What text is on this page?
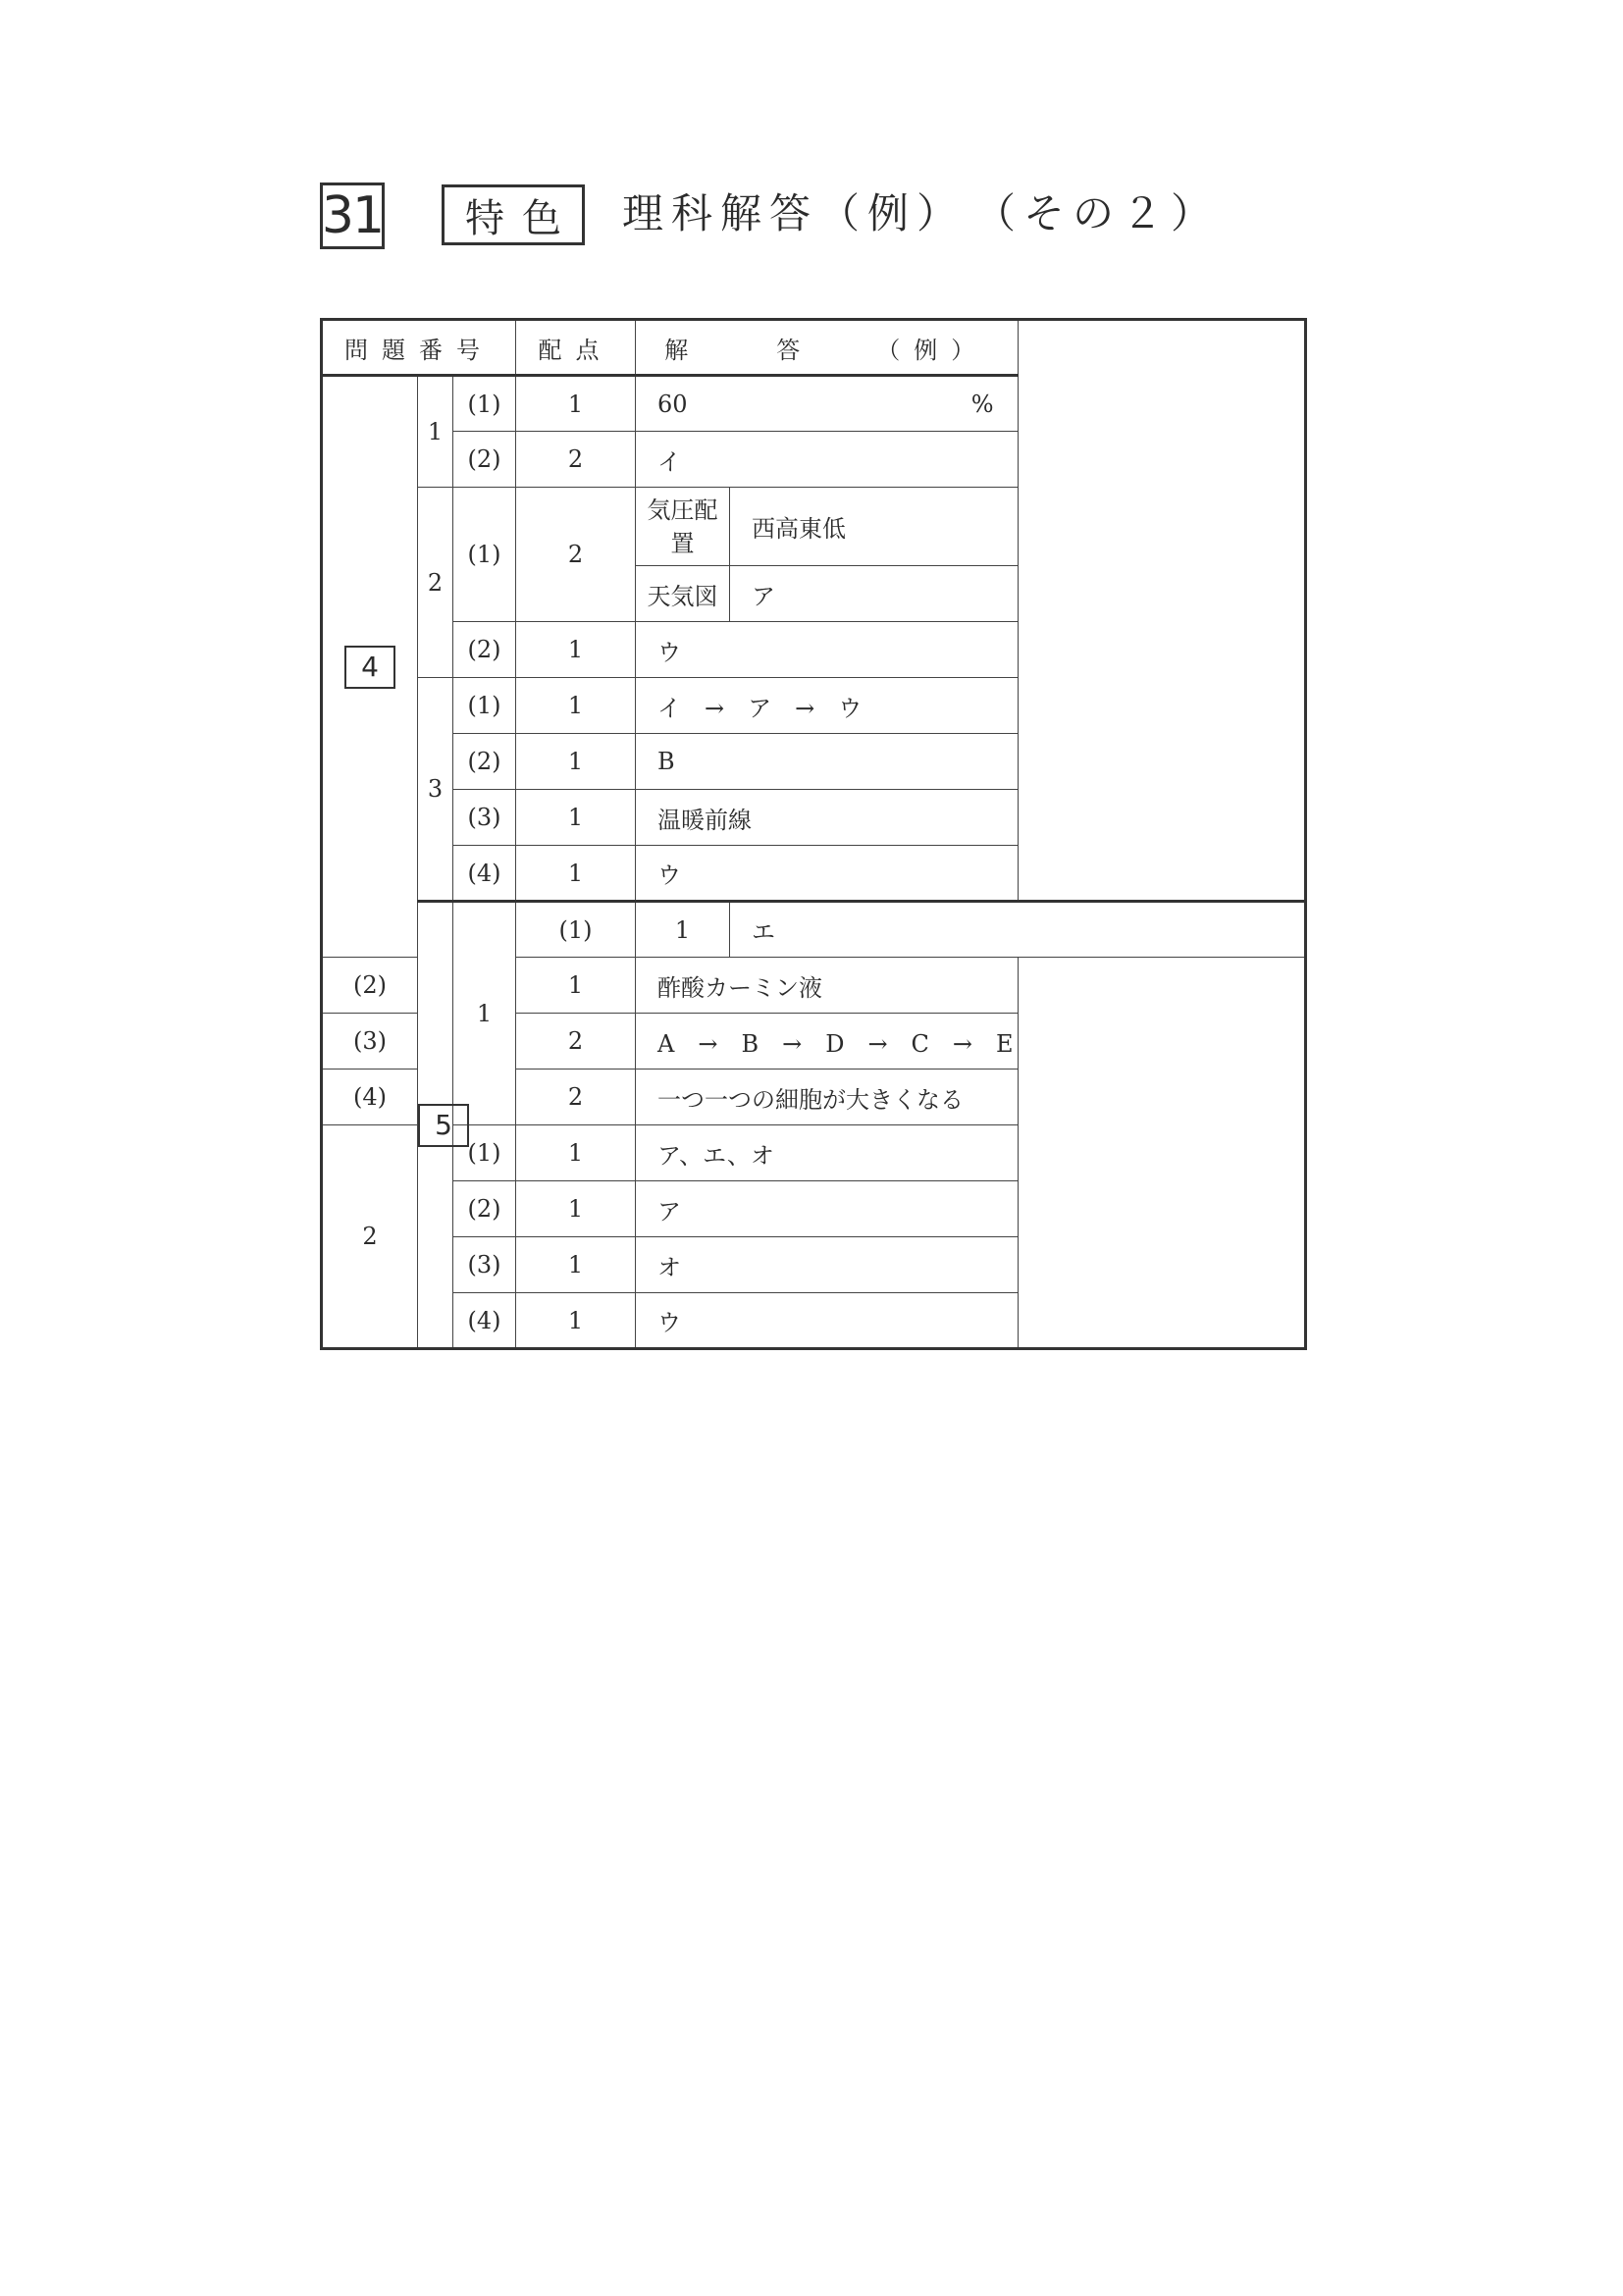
31	特色 理科解答（例） （その２）
問題番号			配点	解　　答　　（例）	
4	1	(1)	1	60 %	

		(2)	2	イ	
	2	(1)	2	気圧配置	西高東低
				天気図	ア
		(2)	1	ウ	
	3	(1)	1	イ　→　ア　→　ウ	
		(2)	1	B	
		(3)	1	温暖前線	
		(4)	1	ウ	
	5	1	(1)	1	エ
(2)			1	酢酸カーミン液	
(3)			2	A　→　B　→　D　→　C　→　E	
(4)			2	一つ一つの細胞が大きくなる	
2		(1)	1	ア、エ、オ	
		(2)	1	ア	
		(3)	1	オ	
		(4)	1	ウ	
